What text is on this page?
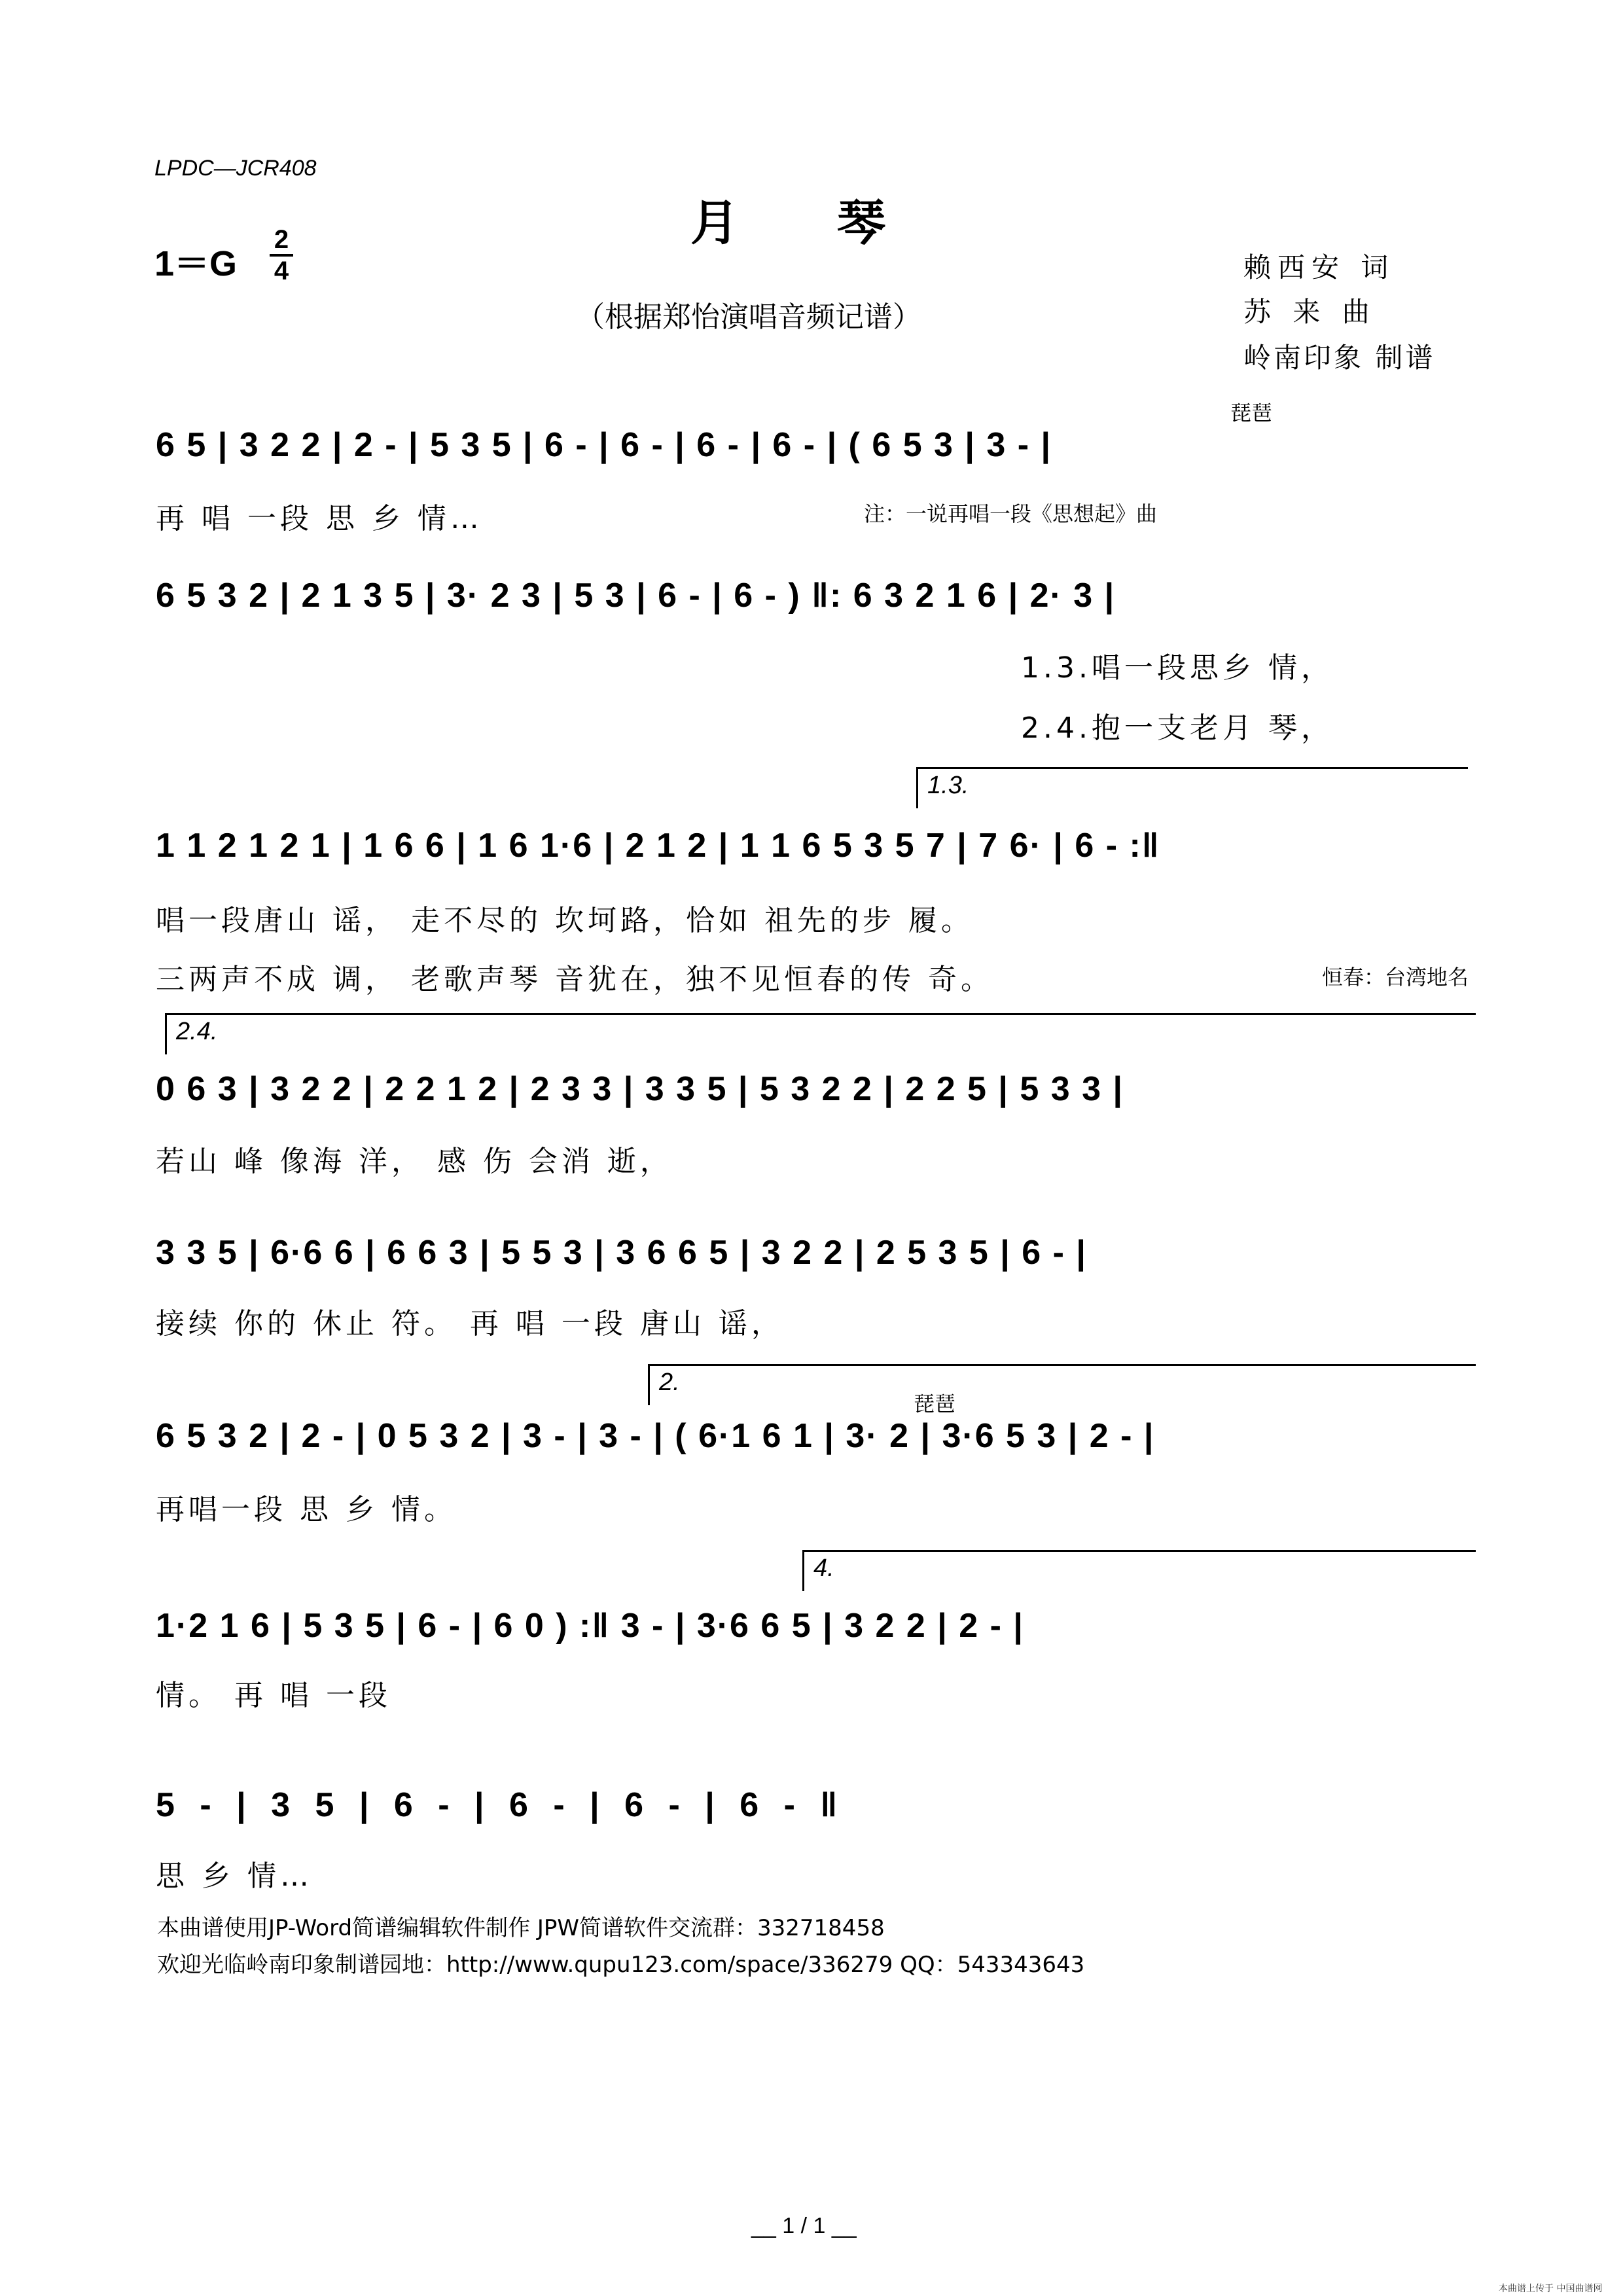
LPDC—JCR408
月琴
1＝G
2
4
（根据郑怡演唱音频记谱）
赖西安 词
苏 来 曲
岭南印象 制谱
琵琶
6 5 | 3 2 2 | 2 - | 5 3 5 | 6 - | 6 - | 6 - | 6 - | ( 6 5 3 | 3 - |
再 唱 一段 思 乡 情…	注：一说再唱一段《思想起》曲
6 5 3 2 | 2 1 3 5 | 3· 2 3 | 5 3 | 6 - | 6 - ) ‖: 6 3 2 1 6 | 2· 3 |
1.3.唱一段思乡 情，
2.4.抱一支老月 琴，
1.3.
1 1 2 1 2 1 | 1 6 6 | 1 6 1·6 | 2 1 2 | 1 1 6 5 3 5 7 | 7 6· | 6 - :‖
唱一段唐山 谣， 走不尽的 坎坷路，恰如 祖先的步 履。
三两声不成 调， 老歌声琴 音犹在，独不见恒春的传 奇。	恒春：台湾地名
2.4.
0 6 3 | 3 2 2 | 2 2 1 2 | 2 3 3 | 3 3 5 | 5 3 2 2 | 2 2 5 | 5 3 3 |
若山 峰 像海 洋， 感 伤 会消 逝，
3 3 5 | 6·6 6 | 6 6 3 | 5 5 3 | 3 6 6 5 | 3 2 2 | 2 5 3 5 | 6 - |
接续 你的 休止 符。 再 唱 一段 唐山 谣，
2.
琵琶
6 5 3 2 | 2 - | 0 5 3 2 | 3 - | 3 - | ( 6·1 6 1 | 3· 2 | 3·6 5 3 | 2 - |
再唱一段 思 乡 情。
4.
1·2 1 6 | 5 3 5 | 6 - | 6 0 ) :‖ 3 - | 3·6 6 5 | 3 2 2 | 2 - |
情。 再 唱 一段
5 - | 3 5 | 6 - | 6 - | 6 - | 6 - ‖
思 乡 情…
本曲谱使用JP-Word简谱编辑软件制作 JPW简谱软件交流群：332718458
欢迎光临岭南印象制谱园地：http://www.qupu123.com/space/336279 QQ：543343643
__ 1 / 1 __
本曲谱上传于 中国曲谱网
